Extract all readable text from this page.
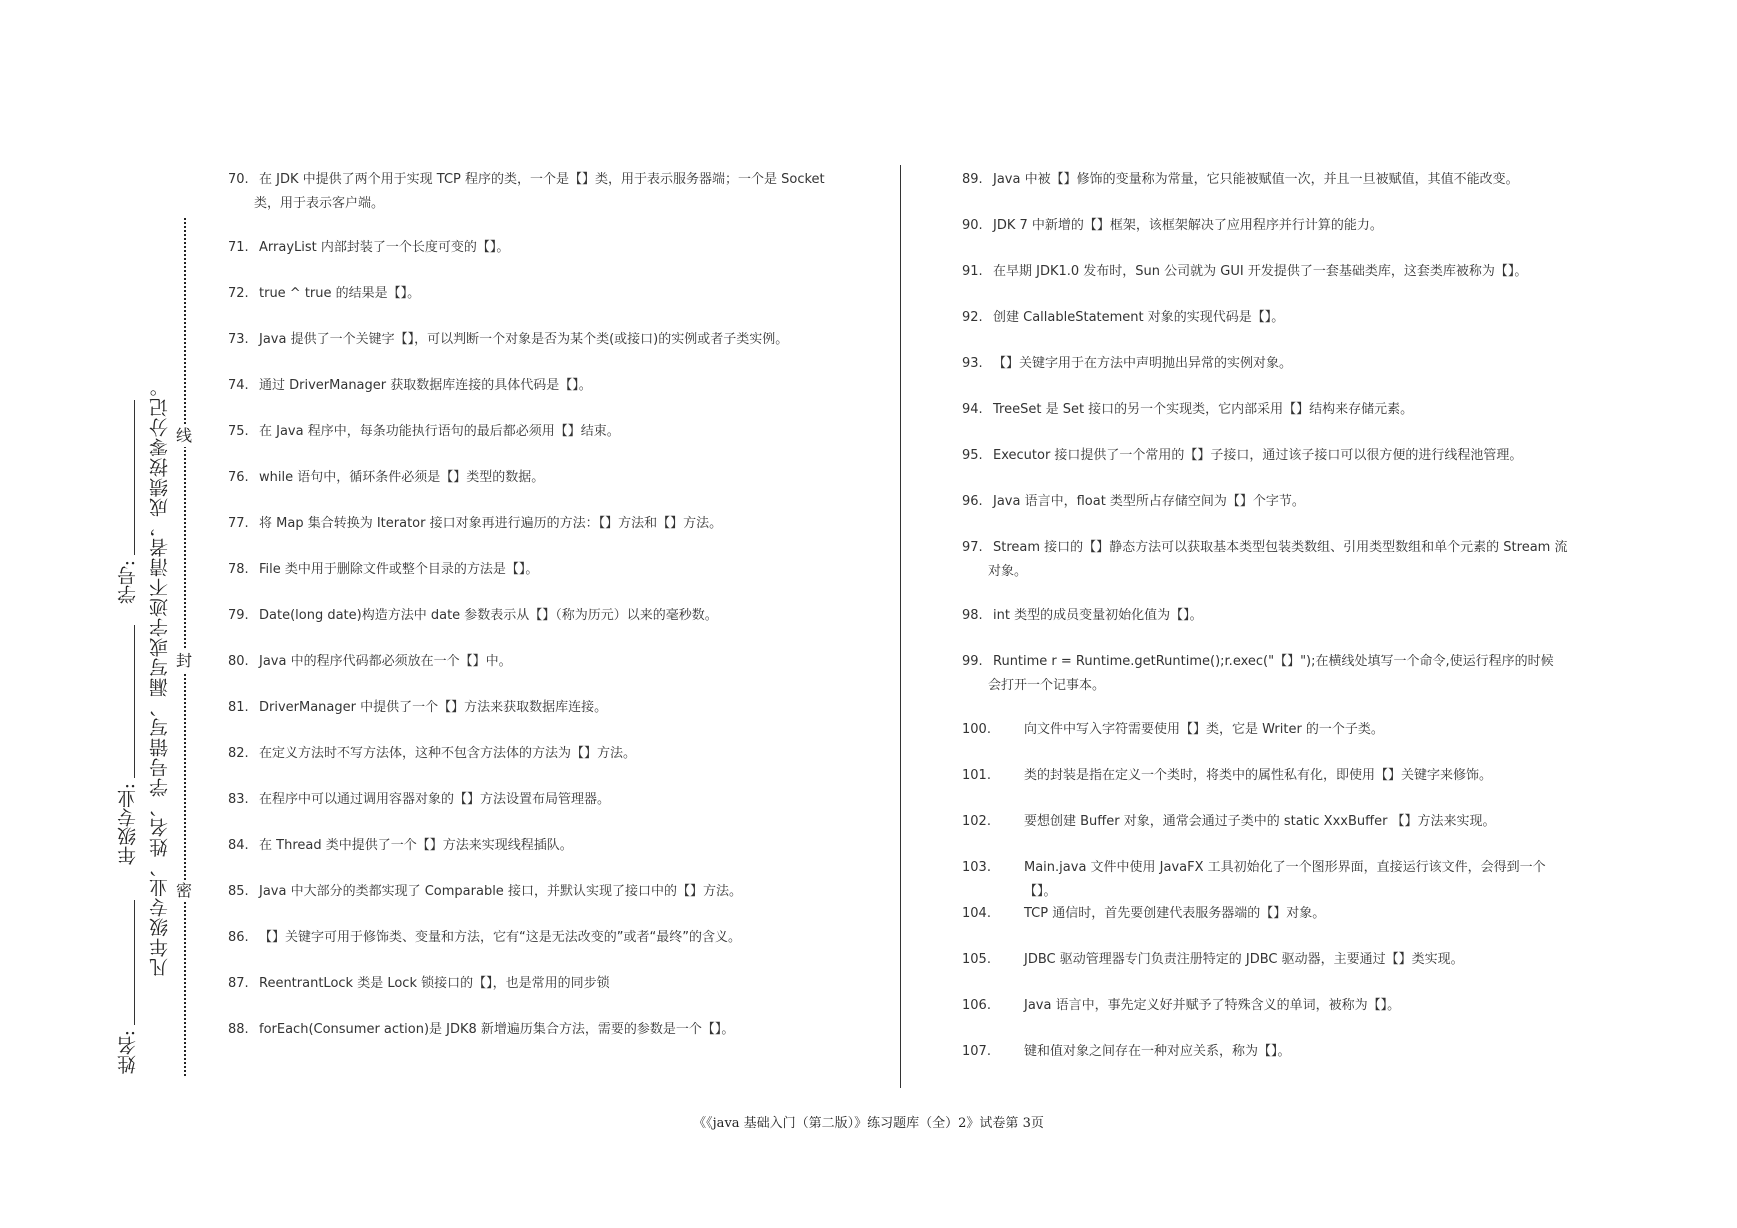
姓名:
年级专业:
学号: 凡年级专业、姓名、学号错写、漏写或字迹不清者，成绩按零分记。 密
封
线
70. 在 JDK 中提供了两个用于实现 TCP 程序的类，一个是【】类，用于表示服务器端；一个是 Socket
类，用于表示客户端。
71. ArrayList 内部封装了一个长度可变的【】。
72. true ^ true 的结果是【】。
73. Java 提供了一个关键字【】，可以判断一个对象是否为某个类(或接口)的实例或者子类实例。
74. 通过 DriverManager 获取数据库连接的具体代码是【】。
75. 在 Java 程序中，每条功能执行语句的最后都必须用【】结束。
76. while 语句中，循环条件必须是【】类型的数据。
77. 将 Map 集合转换为 Iterator 接口对象再进行遍历的方法：【】方法和【】方法。
78. File 类中用于删除文件或整个目录的方法是【】。
79. Date(long date)构造方法中 date 参数表示从【】（称为历元）以来的毫秒数。
80. Java 中的程序代码都必须放在一个【】中。
81. DriverManager 中提供了一个【】方法来获取数据库连接。
82. 在定义方法时不写方法体，这种不包含方法体的方法为【】方法。
83. 在程序中可以通过调用容器对象的【】方法设置布局管理器。
84. 在 Thread 类中提供了一个【】方法来实现线程插队。
85. Java 中大部分的类都实现了 Comparable 接口，并默认实现了接口中的【】方法。
86. 【】关键字可用于修饰类、变量和方法，它有“这是无法改变的”或者“最终”的含义。
87. ReentrantLock 类是 Lock 锁接口的【】，也是常用的同步锁
88. forEach(Consumer action)是 JDK8 新增遍历集合方法，需要的参数是一个【】。
89. Java 中被【】修饰的变量称为常量，它只能被赋值一次，并且一旦被赋值，其值不能改变。
90. JDK 7 中新增的【】框架，该框架解决了应用程序并行计算的能力。
91. 在早期 JDK1.0 发布时，Sun 公司就为 GUI 开发提供了一套基础类库，这套类库被称为【】。
92. 创建 CallableStatement 对象的实现代码是【】。
93. 【】关键字用于在方法中声明抛出异常的实例对象。
94. TreeSet 是 Set 接口的另一个实现类，它内部采用【】结构来存储元素。
95. Executor 接口提供了一个常用的【】子接口，通过该子接口可以很方便的进行线程池管理。
96. Java 语言中，float 类型所占存储空间为【】个字节。
97. Stream 接口的【】静态方法可以获取基本类型包装类数组、引用类型数组和单个元素的 Stream 流
对象。
98. int 类型的成员变量初始化值为【】。
99. Runtime r = Runtime.getRuntime();r.exec("【】");在横线处填写一个命令,使运行程序的时候
会打开一个记事本。
100.	向文件中写入字符需要使用【】类，它是 Writer 的一个子类。
101.	类的封装是指在定义一个类时，将类中的属性私有化，即使用【】关键字来修饰。
102.	要想创建 Buffer 对象，通常会通过子类中的 static XxxBuffer 【】方法来实现。
103.	Main.java 文件中使用 JavaFX 工具初始化了一个图形界面，直接运行该文件，会得到一个【】。
104.	TCP 通信时，首先要创建代表服务器端的【】对象。
105.	JDBC 驱动管理器专门负责注册特定的 JDBC 驱动器，主要通过【】类实现。
106.	Java 语言中，事先定义好并赋予了特殊含义的单词，被称为【】。
107.	键和值对象之间存在一种对应关系，称为【】。
《《java 基础入门（第二版）》练习题库（全）2》试卷第 3页
